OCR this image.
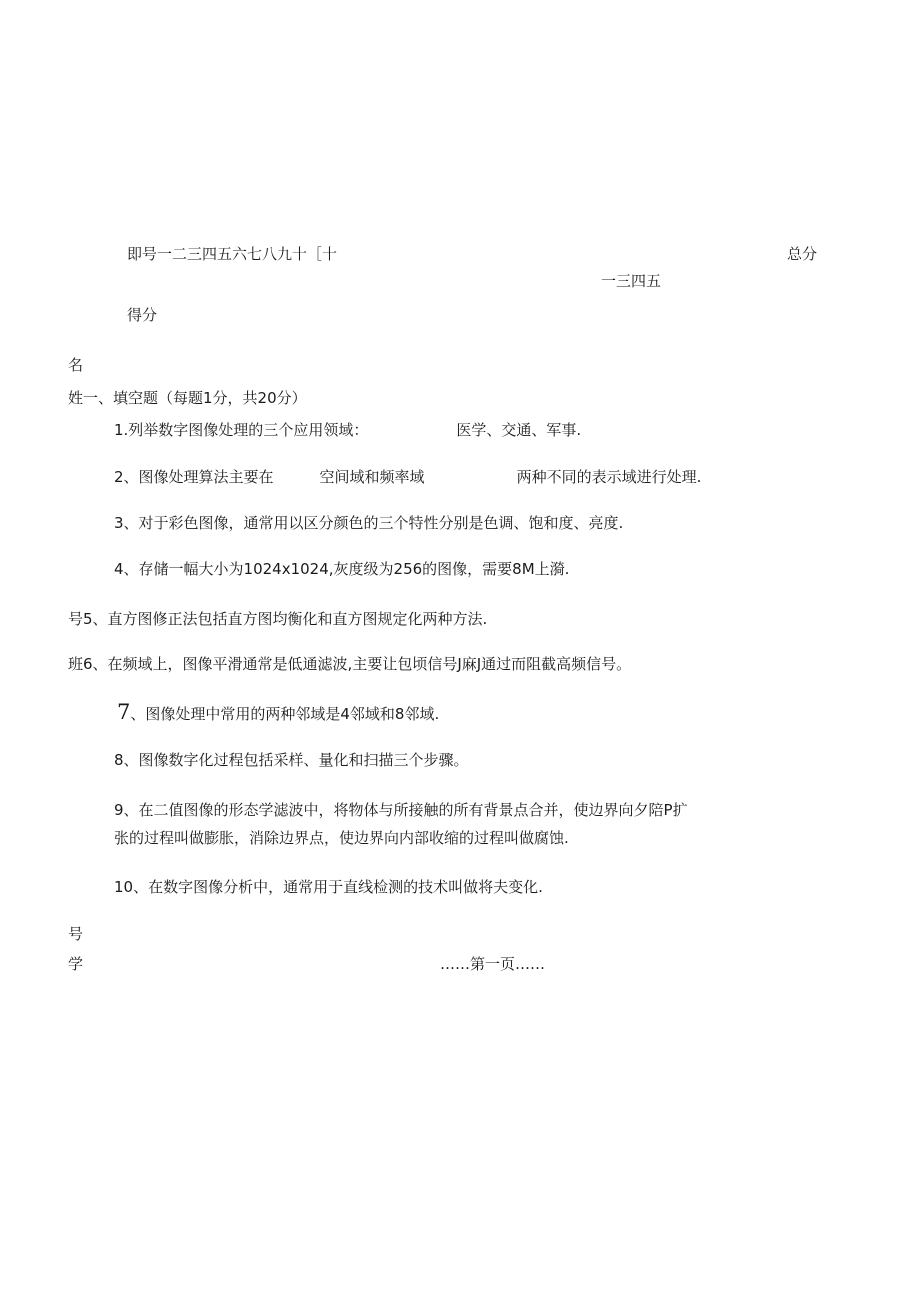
即号一二三四五六七八九十［十	总分
一三四五
得分
名
姓一、填空题（每题1分，共20分）
1.列举数字图像处理的三个应用领域：	医学、交通、军事.
2、图像处理算法主要在	空间域和频率域	两种不同的表示域进行处理.
3、对于彩色图像，通常用以区分颜色的三个特性分别是色调、饱和度、亮度.
4、存储一幅大小为1024x1024,灰度级为256的图像，需要8M上漪.
号5、直方图修正法包括直方图均衡化和直方图规定化两种方法.
班6、在频域上，图像平滑通常是低通滤波,主要让包顷信号J麻J通过而阻截高频信号。
7、图像处理中常用的两种邻域是4邻域和8邻域.
8、图像数字化过程包括采样、量化和扫描三个步骤。
9、在二值图像的形态学滤波中，将物体与所接触的所有背景点合并，使边界向夕陪P扩
张的过程叫做膨胀，消除边界点，使边界向内部收缩的过程叫做腐蚀.
10、在数字图像分析中，通常用于直线检测的技术叫做将夫变化.
号
学	……第一页……
